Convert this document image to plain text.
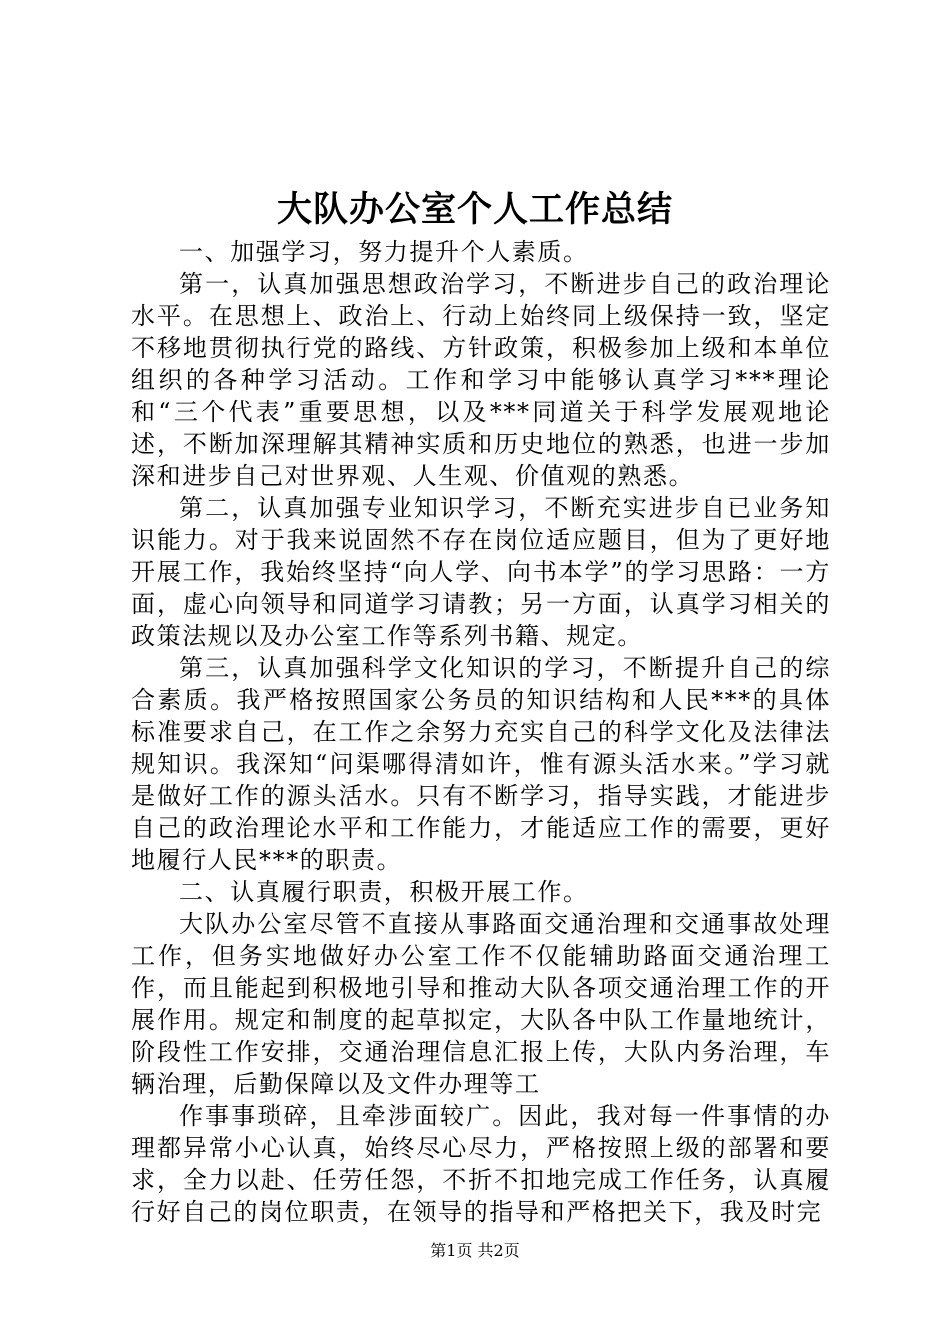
大队办公室个人工作总结

一、加强学习，努力提升个人素质。

第一，认真加强思想政治学习，不断进步自己的政治理论水平。在思想上、政治上、行动上始终同上级保持一致，坚定不移地贯彻执行党的路线、方针政策，积极参加上级和本单位组织的各种学习活动。工作和学习中能够认真学习***理论和“三个代表”重要思想，以及***同道关于科学发展观地论述，不断加深理解其精神实质和历史地位的熟悉，也进一步加深和进步自己对世界观、人生观、价值观的熟悉。

第二，认真加强专业知识学习，不断充实进步自已业务知识能力。对于我来说固然不存在岗位适应题目，但为了更好地开展工作，我始终坚持“向人学、向书本学”的学习思路：一方面，虚心向领导和同道学习请教；另一方面，认真学习相关的政策法规以及办公室工作等系列书籍、规定。

第三，认真加强科学文化知识的学习，不断提升自己的综合素质。我严格按照国家公务员的知识结构和人民***的具体标准要求自己，在工作之余努力充实自己的科学文化及法律法规知识。我深知“问渠哪得清如许，惟有源头活水来。”学习就是做好工作的源头活水。只有不断学习，指导实践，才能进步自己的政治理论水平和工作能力，才能适应工作的需要，更好地履行人民***的职责。

二、认真履行职责，积极开展工作。

大队办公室尽管不直接从事路面交通治理和交通事故处理工作，但务实地做好办公室工作不仅能辅助路面交通治理工作，而且能起到积极地引导和推动大队各项交通治理工作的开展作用。规定和制度的起草拟定，大队各中队工作量地统计，阶段性工作安排，交通治理信息汇报上传，大队内务治理，车辆治理，后勤保障以及文件办理等工

作事事琐碎，且牵涉面较广。因此，我对每一件事情的办理都异常小心认真，始终尽心尽力，严格按照上级的部署和要求，全力以赴、任劳任怨，不折不扣地完成工作任务，认真履行好自己的岗位职责，在领导的指导和严格把关下，我及时完

第1页 共2页
